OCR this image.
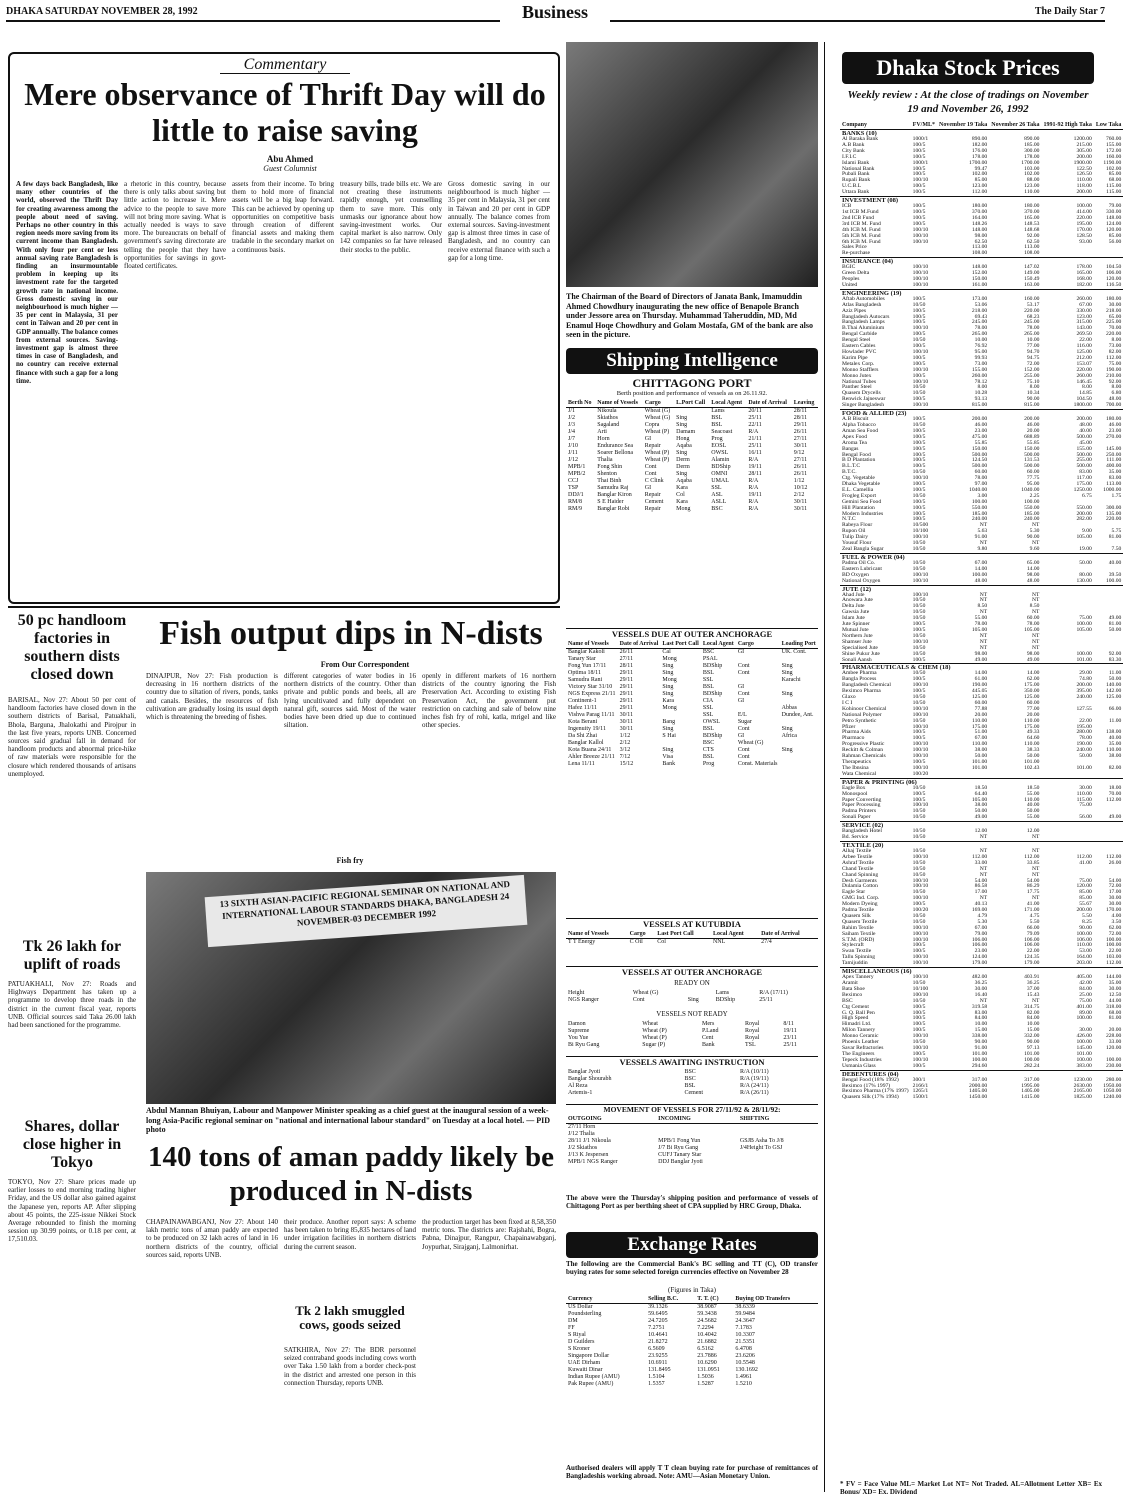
DHAKA SATURDAY NOVEMBER 28, 1992	Business	The Daily Star 7
Commentary
Mere observance of Thrift Day will do little to raise saving
Abu Ahmed
Guest Columnist
A few days back Bangladesh, like many other countries of the world, observed the Thrift Day for creating awareness among the people about need of saving. Perhaps no other country in this region needs more saving from its current income than Bangladesh. With only four per cent or less annual saving rate Bangladesh is finding an insurmountable problem in keeping up its investment rate for the targeted growth rate in national income. Gross domestic saving in our neighbourhood is much higher — 35 per cent in Malaysia, 31 per cent in Taiwan and 20 per cent in GDP annually. The balance comes from external sources. Saving-investment gap is almost three times in case of Bangladesh, and no country can receive external finance with such a gap for a long time.
a rhetoric in this country, because there is only talks about saving but little action to increase it. Mere advice to the people to save more will not bring more saving. What is actually needed is ways to save more. The bureaucrats on behalf of government's saving directorate are telling the people that they have opportunities for savings in govt-floated certificates.
assets from their income. To bring them to hold more of financial assets will be a big leap forward. This can be achieved by opening up opportunities on competitive basis through creation of different financial assets and making them tradable in the secondary market on a continuous basis.
treasury bills, trade bills etc. We are not creating these instruments rapidly enough, yet counselling them to save more. This only unmasks our ignorance about how saving-investment works. Our capital market is also narrow. Only 142 companies so far have released their stocks to the public.
Gross domestic saving in our neighbourhood is much higher — 35 per cent in Malaysia, 31 per cent in Taiwan and 20 per cent in GDP annually. The balance comes from external sources. Saving-investment gap is almost three times in case of Bangladesh, and no country can receive external finance with such a gap for a long time.
The Chairman of the Board of Directors of Janata Bank, Imamuddin Ahmed Chowdhury inaugurating the new office of Benapole Branch under Jessore area on Thursday. Muhammad Taheruddin, MD, Md Enamul Hoqe Chowdhury and Golam Mostafa, GM of the bank are also seen in the picture.
Shipping Intelligence
CHITTAGONG PORT
Berth position and performance of vessels as on 26.11.92.
Berth No	Name of Vessels	Cargo	L.Port Call	Local Agent	Date of Arrival	Leaving
J/1	Nikoula	Wheat (G)		Lams	20/11	28/11
J/2	Skiathos	Wheat (G)	Sing	BSL	25/11	28/11
J/3	Sagaland	Copra	Sing	BSL	22/11	29/11
J/4	Arti	Wheat (P)	Damam	Seacoast	R/A	26/11
J/7	Horn	GI	Hong	Prog	21/11	27/11
J/10	Endurance Sea	Repair	Aqaba	EOSL	25/11	30/11
J/11	Soarer Bellona	Wheat (P)	Sing	OWSL	16/11	9/12
J/12	Thalia	Wheat (P)	Derm	Alamin	R/A	27/11
MPB/1	Fong Shin	Cont	Derm	BDShip	19/11	26/11
MPB/2	Shenton	Cont	Sing	OMNI	28/11	26/11
CCJ	Thai Binh	C Clink	Aqaba	UMAL	R/A	1/12
TSP	Samudra Raj	GI	Kara	SSL	R/A	10/12
DDJ/1	Banglar Kiron	Repair	Col	ASL	19/11	2/12
RM/8	S E Haider	Cement	Kara	ASLL	R/A	30/11
RM/9	Banglar Robi	Repair	Mong	BSC	R/A	30/11
VESSELS DUE AT OUTER ANCHORAGE
Name of Vessels	Date of Arrival	Last Port Call	Local Agent	Cargo	Loading Port
Banglar Kakoli	26/11	Cal	BSC	GI	UK. Cont.
Tanary Star	27/11	Mong	PSAL		
Fong Yun 17/11	28/11	Sing	BDShip	Cont	Sing
Optima 18/11	29/11	Sing	BSL	Cont	Sing
Samudra Rani	29/11	Mong	SSL		Karachi
Victory Star 31/10	29/11	Sing	BSL	GI	
NGS Express 21/11	29/11	Sing	BDShip	Cont	Sing
Continent-1	29/11	Kara	CIA	GI	
Hafez 11/11	29/11	Mong	SSL		Abbas
Vishva Parag 11/11	30/11		SSL	E/L	Dundee, Ant.
Kota Berani	30/11	Bang	OWSL	Sugar	
Ingenuity 19/11	30/11	Sing	BSL	Cont	Sing
Da Shi Zhai	1/12	S Hai	BDShip	GI	Africa
Banglar Kallol	2/12		BSC	Wheat (G)	
Kota Buana 24/11	3/12	Sing	CTS	Cont	Sing
Ahler Breeze 21/11	7/12	Visa	BSL	Cont	
Lena 11/11	15/12	Bank	Prog	Const. Materials	
VESSELS AT KUTUBDIA
Name of Vessels	Cargo	Last Port Call	Local Agent	Date of Arrival
T T Energy	C Oil	Col	NNL	27/4
VESSELS AT OUTER ANCHORAGE
READY ON
Height	Wheat (G)		Lams	R/A (17/11)
NGS Ranger	Cont	Sing	BDShip	25/11
VESSELS NOT READY
Damon	Wheat	Mers	Royal	8/11
Supreme	Wheat (P)	P.Land	Royal	19/11
You Yue	Wheat (P)	Cent	Royal	23/11
Bi Ryu Gang	Sugar (P)	Bank	TSL	25/11
VESSELS AWAITING INSTRUCTION
Banglar Jyoti	BSC	R/A (10/11)
Banglar Shourabh	BSC	R/A (19/11)
Al Reza	BSL	R/A (24/11)
Artemis-1	Cement	R/A (26/11)
MOVEMENT OF VESSELS FOR 27/11/92 & 28/11/92:
OUTGOING	INCOMING	SHIFTING
27/11 Horn		
J/12 Thalia		
28/11 J/1 Nikoula	MPB/1 Fong Yun	GSJB Asha To J/8
J/2 Skiathos	J/7 Bi Ryu Gang	J/4Height To GSJ
J/13 K Jespersen	CUFJ Tanary Star	
MPB/1 NGS Ranger	DDJ Banglar Jyoti	
The above were the Thursday's shipping position and performance of vessels of Chittagong Port as per berthing sheet of CPA supplied by HRC Group, Dhaka.
Exchange Rates
The following are the Commercial Bank's BC selling and TT (C), OD transfer buying rates for some selected foreign currencies effective on November 28
(Figures in Taka)
Currency	Selling B.C.	T. T. (C)	Buying OD Transfers
US Dollar	39.1326	38.9087	38.6339
Poundsterling	59.6495	59.3438	59.9484
DM	24.7205	24.5682	24.3647
FF	7.2751	7.2294	7.1783
S Riyal	10.4641	10.4042	10.3307
D Guilders	21.8272	21.6882	21.5351
S Kroner	6.5609	6.5162	6.4708
Singapore Dollar	23.9255	23.7886	23.6206
UAE Dirham	10.6911	10.6290	10.5548
Kuwaiti Dinar	131.8495	131.0951	130.1692
Indian Rupee (AMU)	1.5104	1.5036	1.4961
Pak Rupee (AMU)	1.5357	1.5287	1.5210
Authorised dealers will apply T T clean buying rate for purchase of remittances of Bangladeshis working abroad. Note: AMU—Asian Monetary Union.
50 pc handloom factories in southern dists closed down
BARISAL, Nov 27: About 50 per cent of handloom factories have closed down in the southern districts of Barisal, Patuakhali, Bhola, Barguna, Jhalokathi and Pirojpur in the last five years, reports UNB. Concerned sources said gradual fall in demand for handloom products and abnormal price-hike of raw materials were responsible for the closure which rendered thousands of artisans unemployed.
Tk 26 lakh for uplift of roads
PATUAKHALI, Nov 27: Roads and Highways Department has taken up a programme to develop three roads in the district in the current fiscal year, reports UNB. Official sources said Taka 26.00 lakh had been sanctioned for the programme.
Shares, dollar close higher in Tokyo
TOKYO, Nov 27: Share prices made up earlier losses to end morning trading higher Friday, and the US dollar also gained against the Japanese yen, reports AP. After slipping about 45 points, the 225-issue Nikkei Stock Average rebounded to finish the morning session up 30.99 points, or 0.18 per cent, at 17,510.03.
Fish output dips in N-dists
From Our Correspondent
DINAJPUR, Nov 27: Fish production is decreasing in 16 northern districts of the country due to siltation of rivers, ponds, tanks and canals. Besides, the resources of fish cultivation are gradually losing its usual depth which is threatening the breeding of fishes.
different categories of water bodies in 16 northern districts of the country. Other than private and public ponds and beels, all are lying uncultivated and fully dependent on natural gift, sources said. Most of the water bodies have been dried up due to continued siltation.
Fish fry
openly in different markets of 16 northern districts of the country ignoring the Fish Preservation Act. According to existing Fish Preservation Act, the government put restriction on catching and sale of below nine inches fish fry of rohi, katla, mrigel and like other species.
13 SIXTH ASIAN-PACIFIC REGIONAL SEMINAR ON NATIONAL AND INTERNATIONAL LABOUR STANDARDS DHAKA, BANGLADESH 24 NOVEMBER-03 DECEMBER 1992
Abdul Mannan Bhuiyan, Labour and Manpower Minister speaking as a chief guest at the inaugural session of a week-long Asia-Pacific regional seminar on "national and international labour standard" on Tuesday at a local hotel. — PID photo
140 tons of aman paddy likely be produced in N-dists
CHAPAINAWABGANJ, Nov 27: About 140 lakh metric tons of aman paddy are expected to be produced on 32 lakh acres of land in 16 northern districts of the country, official sources said, reports UNB.
their produce. Another report says: A scheme has been taken to bring 85,835 hectares of land under irrigation facilities in northern districts during the current season.
Tk 2 lakh smuggled cows, goods seized
SATKHIRA, Nov 27: The BDR personnel seized contraband goods including cows worth over Taka 1.50 lakh from a border check-post in the district and arrested one person in this connection Thursday, reports UNB.
the production target has been fixed at 8,58,350 metric tons. The districts are: Rajshahi, Bogra, Pabna, Dinajpur, Rangpur, Chapainawabganj, Joypurhat, Sirajganj, Lalmonirhat.
Dhaka Stock Prices
Weekly review : At the close of tradings on November 19 and November 26, 1992
Company	FV/ML*	November 19 Taka	November 26 Taka	1991-92 High Taka	Low Taka
BANKS (10)					
Al Baraka Bank	1000/1	890.00	890.00	1200.00	760.00
A.B Bank	100/5	182.00	185.00	215.00	155.00
City Bank	100/5	176.00	300.00	305.00	172.00
I.F.I.C	100/5	178.00	178.00	200.00	160.00
Islami Bank	1000/1	1700.00	1700.00	1900.00	1190.00
National Bank	100/5	99.47	103.00	122.50	102.00
Pubali Bank	100/5	102.00	102.00	126.50	85.00
Rupali Bank	100/10	85.00	88.00	110.00	68.00
U.C.B.L	100/5	123.00	123.00	118.00	115.00
Uttara Bank	100/5	112.00	110.00	200.00	115.00
INVESTMENT (08)					
ICB	100/5	180.00	180.00	100.00	79.00
1st ICB M.Fund	100/5	370.00	370.00	414.00	330.00
2nd ICB Fund	100/5	164.00	165.00	220.00	148.00
3rd ICB M. Fund	100/5	148.26	148.53	195.00	124.00
4th ICB M. Fund	100/10	148.00	148.68	170.00	120.00
5th ICB M. Fund	100/10	98.00	92.00	128.50	85.00
6th ICB M. Fund	100/10	62.50	62.50	93.00	56.00
Sales Price		113.00	113.00		
Re-purchase		108.00	108.00		
INSURANCE (04)					
BGIC	100/10	148.00	147.02	178.00	104.50
Green Delta	100/10	152.00	149.00	165.00	106.00
Peoples	100/10	150.00	150.49	168.00	120.00
United	100/10	161.00	163.00	182.00	116.50
ENGINEERING (19)					
Aftab Automobiles	100/5	173.00	160.00	260.00	180.00
Atlas Bangladesh	10/50	53.06	53.17	67.00	30.00
Aziz Pipes	100/5	218.00	220.00	330.00	218.00
Bangladesh Autocars	100/5	69.43	68.23	123.00	65.00
Bangladesh Lamps	100/5	245.00	245.00	315.00	225.00
B.Thai Aluminium	100/10	78.00	78.00	143.00	70.00
Bengal Carbide	100/5	265.00	265.00	269.50	220.00
Bengal Steel	10/50	10.00	10.00	22.00	8.00
Eastern Cables	100/5	76.92	77.00	116.00	73.00
Howlader PVC	100/10	95.00	94.70	125.00	82.00
Karim Pipe	100/5	99.93	94.75	212.00	112.00
Metalex Corp.	100/5	73.00	72.00	153.07	75.00
Monno Stafflers	100/10	155.00	152.00	220.00	190.00
Monno Jutex	100/5	260.00	255.00	260.00	210.00
National Tubes	100/10	78.12	75.10	146.45	92.00
Panther Steel	10/50	8.00	8.00	8.00	8.00
Quasem Drycells	10/50	10.28	10.34	14.85	6.80
Renwick Jajneswar	100/5	93.13	90.00	104.50	48.00
Singer Bangladesh	100/10	815.00	815.00	1800.00	700.00
FOOD & ALLIED (23)					
A.B Biscuit	100/5	200.00	200.00	200.00	180.00
Alpha Tobacco	10/50	46.00	46.00	48.00	46.00
Aman Sea Food	100/5	23.00	20.00	40.00	23.00
Apex Food	100/5	475.00	688.89	500.00	270.00
Aroma Tea	100/5	55.85	55.85	45.00	
Bangas	100/5	150.00	150.00	155.00	145.00
Bengal Food	100/5	500.00	500.00	500.00	250.00
B D Plantation	100/5	124.50	131.53	255.00	111.00
B.L.T.C	100/5	500.00	500.00	500.00	400.00
B.T.C.	10/50	60.00	60.00	83.00	35.00
Ctg. Vegetable	100/10	78.00	77.75	117.00	83.00
Dhaka Vegetable	100/5	97.00	95.00	175.00	113.00
E.L. Camellia	100/5	1040.00	1040.00	1250.00	1000.00
Frogleg Export	10/50	3.00	2.25	6.75	1.75
Gemini Sea Food	100/5	100.00	100.00		
Hill Plantation	100/5	550.00	550.00	550.00	300.00
Modern Industries	100/5	185.00	185.00	200.00	135.00
N.T.C	100/5	240.00	240.00	282.00	220.00
Rabeya Flour	10/500	NT	NT		
Rupon Oil	10/100	5.63	5.30	9.00	5.75
Tulip Dairy	100/10	91.00	90.00	105.00	81.00
Yousuf Flour	10/50	NT	NT		
Zeal Bangla Sugar	10/50	9.80	9.60	19.00	7.50
FUEL & POWER (04)					
Padma Oil Co.	10/50	67.00	65.00	50.00	40.00
Eastern Lubricant	10/50	14.00	14.00		
BD Oxygen	100/10	100.00	98.00	80.00	39.50
National Oxygen	100/10	48.00	48.00	130.00	100.00
JUTE (12)					
Ahad Jute	100/10	NT	NT		
Anowara Jute	10/50	NT	NT		
Delta Jute	10/50	8.50	8.50		
Gawsia Jute	10/50	NT	NT		
Islam Jute	10/50	55.00	60.00	75.00	49.00
Jute Spinner	100/5	78.00	78.00	100.00	81.00
Mutual Jute	100/5	105.00	105.00	105.00	50.00
Northern Jute	10/50	NT	NT		
Shamser Jute	100/10	NT	NT		
Specialised Jute	10/50	NT	NT		
Shine Pukur Jute	10/50	98.00	98.00	100.00	92.00
Sonali Aansh	100/5	49.00	49.00	101.00	83.30
PHARMACEUTICALS & CHEM (18)					
Ambee Pharma	10/50	14.00	14.00	29.00	11.00
Bangla Process	100/5	61.00	62.00	74.80	50.00
Bangladesh Chemical	100/10	190.00	175.00	200.00	140.00
Beximco Pharma	100/5	445.05	350.00	395.00	142.00
Glaxo	10/50	125.00	125.00	240.00	125.00
I C I	10/50	60.00	60.00		
Kohinoor Chemical	100/10	77.88	77.00	127.55	66.00
National Polymer	100/10	20.00	20.00		
Petro Synthetic	10/50	110.00	110.00	22.00	11.00
Pfizer	100/10	175.00	175.00	195.00	
Pharma Aids	100/5	51.00	49.33	280.00	138.00
Pharmaco	100/5	67.00	64.60	78.00	40.00
Progressive Plastic	100/10	110.00	110.00	190.00	35.00
Reckitt & Colman	100/10	38.00	38.33	240.00	110.00
Rahman Chemicals	100/10	50.00	50.00	50.00	38.00
Therapeutics	100/5	101.00	101.00		
The Ibnsina	100/10	101.00	102.43	101.00	82.00
Wata Chemical	100/20				
PAPER & PRINTING (06)					
Eagle Box	10/50	18.50	18.50	30.00	18.00
Monospool	100/5	64.40	55.00	110.00	70.00
Paper Converting	100/5	105.00	110.00	115.00	112.00
Paper Processing	100/10	38.00	40.00	75.00	
Padma Printers	10/50	50.00	50.00		
Sonali Paper	10/50	49.00	55.00	56.00	49.00
SERVICE (02)					
Bangladesh Hotel	10/50	12.00	12.00		
Bd. Service	10/50	NT	NT		
TEXTILE (20)					
Alhaj Textile	10/50	NT	NT		
Arbee Textile	100/10	112.00	112.00	112.00	112.00
Ashraf Textile	10/50	33.00	33.85	41.00	26.00
Chand Textile	10/50	NT	NT		
Chand Spinning	10/50	NT	NT		
Desh Garments	100/10	54.00	54.00	75.00	54.00
Dulamia Cotton	100/10	86.58	86.29	120.00	72.00
Eagle Star	10/50	17.00	17.75	85.00	17.00
GMG Ind. Corp.	100/10	NT	NT	85.00	30.00
Modern Dyeing	100/5	40.13	41.00	55.67	30.00
Padma Textile	100/20	169.00	171.00	200.00	170.00
Quasem Silk	10/50	4.79	4.75	5.50	4.00
Quasem Textile	10/50	5.30	5.50	8.25	3.50
Rahim Textile	100/10	67.00	66.00	90.00	62.00
Saiham Textile	100/10	79.00	79.09	100.00	72.00
S.T.M. (ORD)	100/10	106.00	106.00	106.00	100.00
Stylecraft	100/5	106.00	106.00	110.00	100.00
Swan Textile	100/5	23.00	22.00	53.00	22.00
Tallu Spinning	100/10	124.00	124.35	164.00	103.00
Tamijuddin	100/10	179.00	179.00	203.00	112.00
MISCELLANEOUS (16)					
Apex Tannery	100/10	482.00	403.91	405.00	144.00
Aramit	10/50	36.25	36.25	42.00	35.00
Bata Shoe	10/100	30.00	37.00	84.00	30.00
Beximco	100/10	16.40	15.43	25.00	12.50
BSC	10/50	NT	NT	75.00	44.00
Ctg Cement	100/5	319.58	314.75	401.00	318.00
G. Q. Ball Pen	100/5	83.00	82.00	89.00	68.00
High Speed	100/5	84.00	84.00	100.00	81.00
Himadri Ltd.	100/5	10.00	10.00		
Milon Tannery	100/5	15.00	15.00	30.00	20.00
Monno Ceramic	100/10	338.00	332.00	426.00	228.00
Phoenix Leather	10/50	90.00	90.00	100.00	33.00
Savar Refractories	100/10	91.00	97.13	145.00	120.00
The Engineers	100/5	101.00	101.00	101.00	
Tepeck Industries	100/10	100.00	100.00	100.00	100.00
Usmania Glass	100/5	294.60	282.24	383.00	230.00
DEBENTURES (04)					
Bengal Food (18% 1992)	300/1	317.00	317.00	1230.00	280.00
Beximco (17% 1997)	2166/1	2000.00	1995.00	2630.00	1950.00
Beximco Pharma (17% 1997)	1265/1	1405.00	1405.00	2165.00	1050.00
Quasem Silk (17% 1994)	1500/1	1450.00	1415.00	1825.00	1240.00
* FV = Face Value ML= Market Lot NT= Not Traded. AL=Allotment Letter XB= Ex Bonus/ XD= Ex. Dividend
